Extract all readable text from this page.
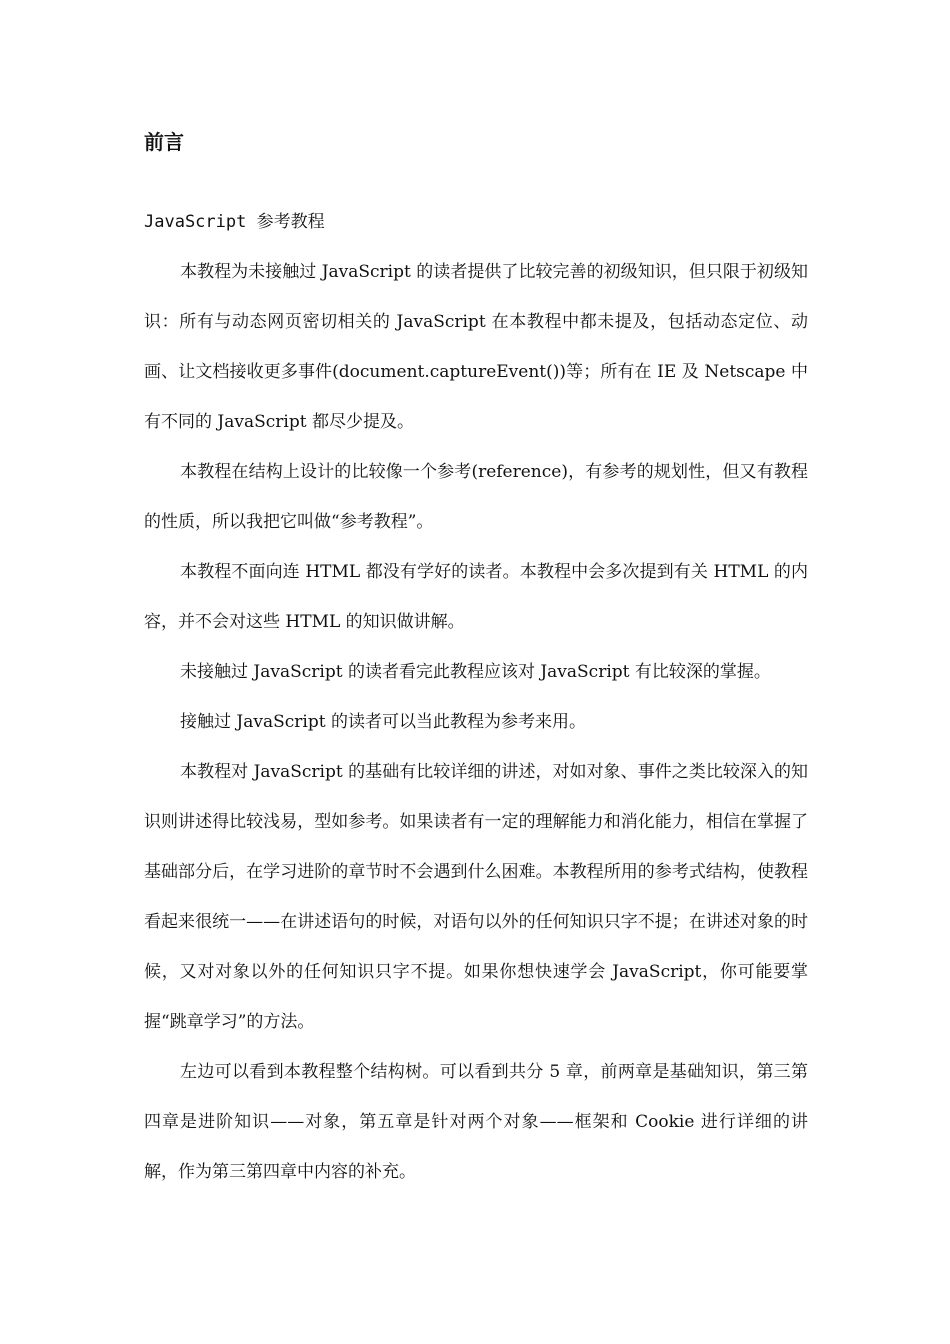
前言
JavaScript 参考教程

本教程为未接触过 JavaScript 的读者提供了比较完善的初级知识，但只限于初级知识：所有与动态网页密切相关的 JavaScript 在本教程中都未提及，包括动态定位、动画、让文档接收更多事件(document.captureEvent())等；所有在 IE 及 Netscape 中有不同的 JavaScript 都尽少提及。

本教程在结构上设计的比较像一个参考(reference)，有参考的规划性，但又有教程的性质，所以我把它叫做“参考教程”。

本教程不面向连 HTML 都没有学好的读者。本教程中会多次提到有关 HTML 的内容，并不会对这些 HTML 的知识做讲解。

未接触过 JavaScript 的读者看完此教程应该对 JavaScript 有比较深的掌握。

接触过 JavaScript 的读者可以当此教程为参考来用。

本教程对 JavaScript 的基础有比较详细的讲述，对如对象、事件之类比较深入的知识则讲述得比较浅易，型如参考。如果读者有一定的理解能力和消化能力，相信在掌握了基础部分后，在学习进阶的章节时不会遇到什么困难。本教程所用的参考式结构，使教程看起来很统一——在讲述语句的时候，对语句以外的任何知识只字不提；在讲述对象的时候，又对对象以外的任何知识只字不提。如果你想快速学会 JavaScript，你可能要掌握“跳章学习”的方法。

左边可以看到本教程整个结构树。可以看到共分 5 章，前两章是基础知识，第三第四章是进阶知识——对象，第五章是针对两个对象——框架和 Cookie 进行详细的讲解，作为第三第四章中内容的补充。
